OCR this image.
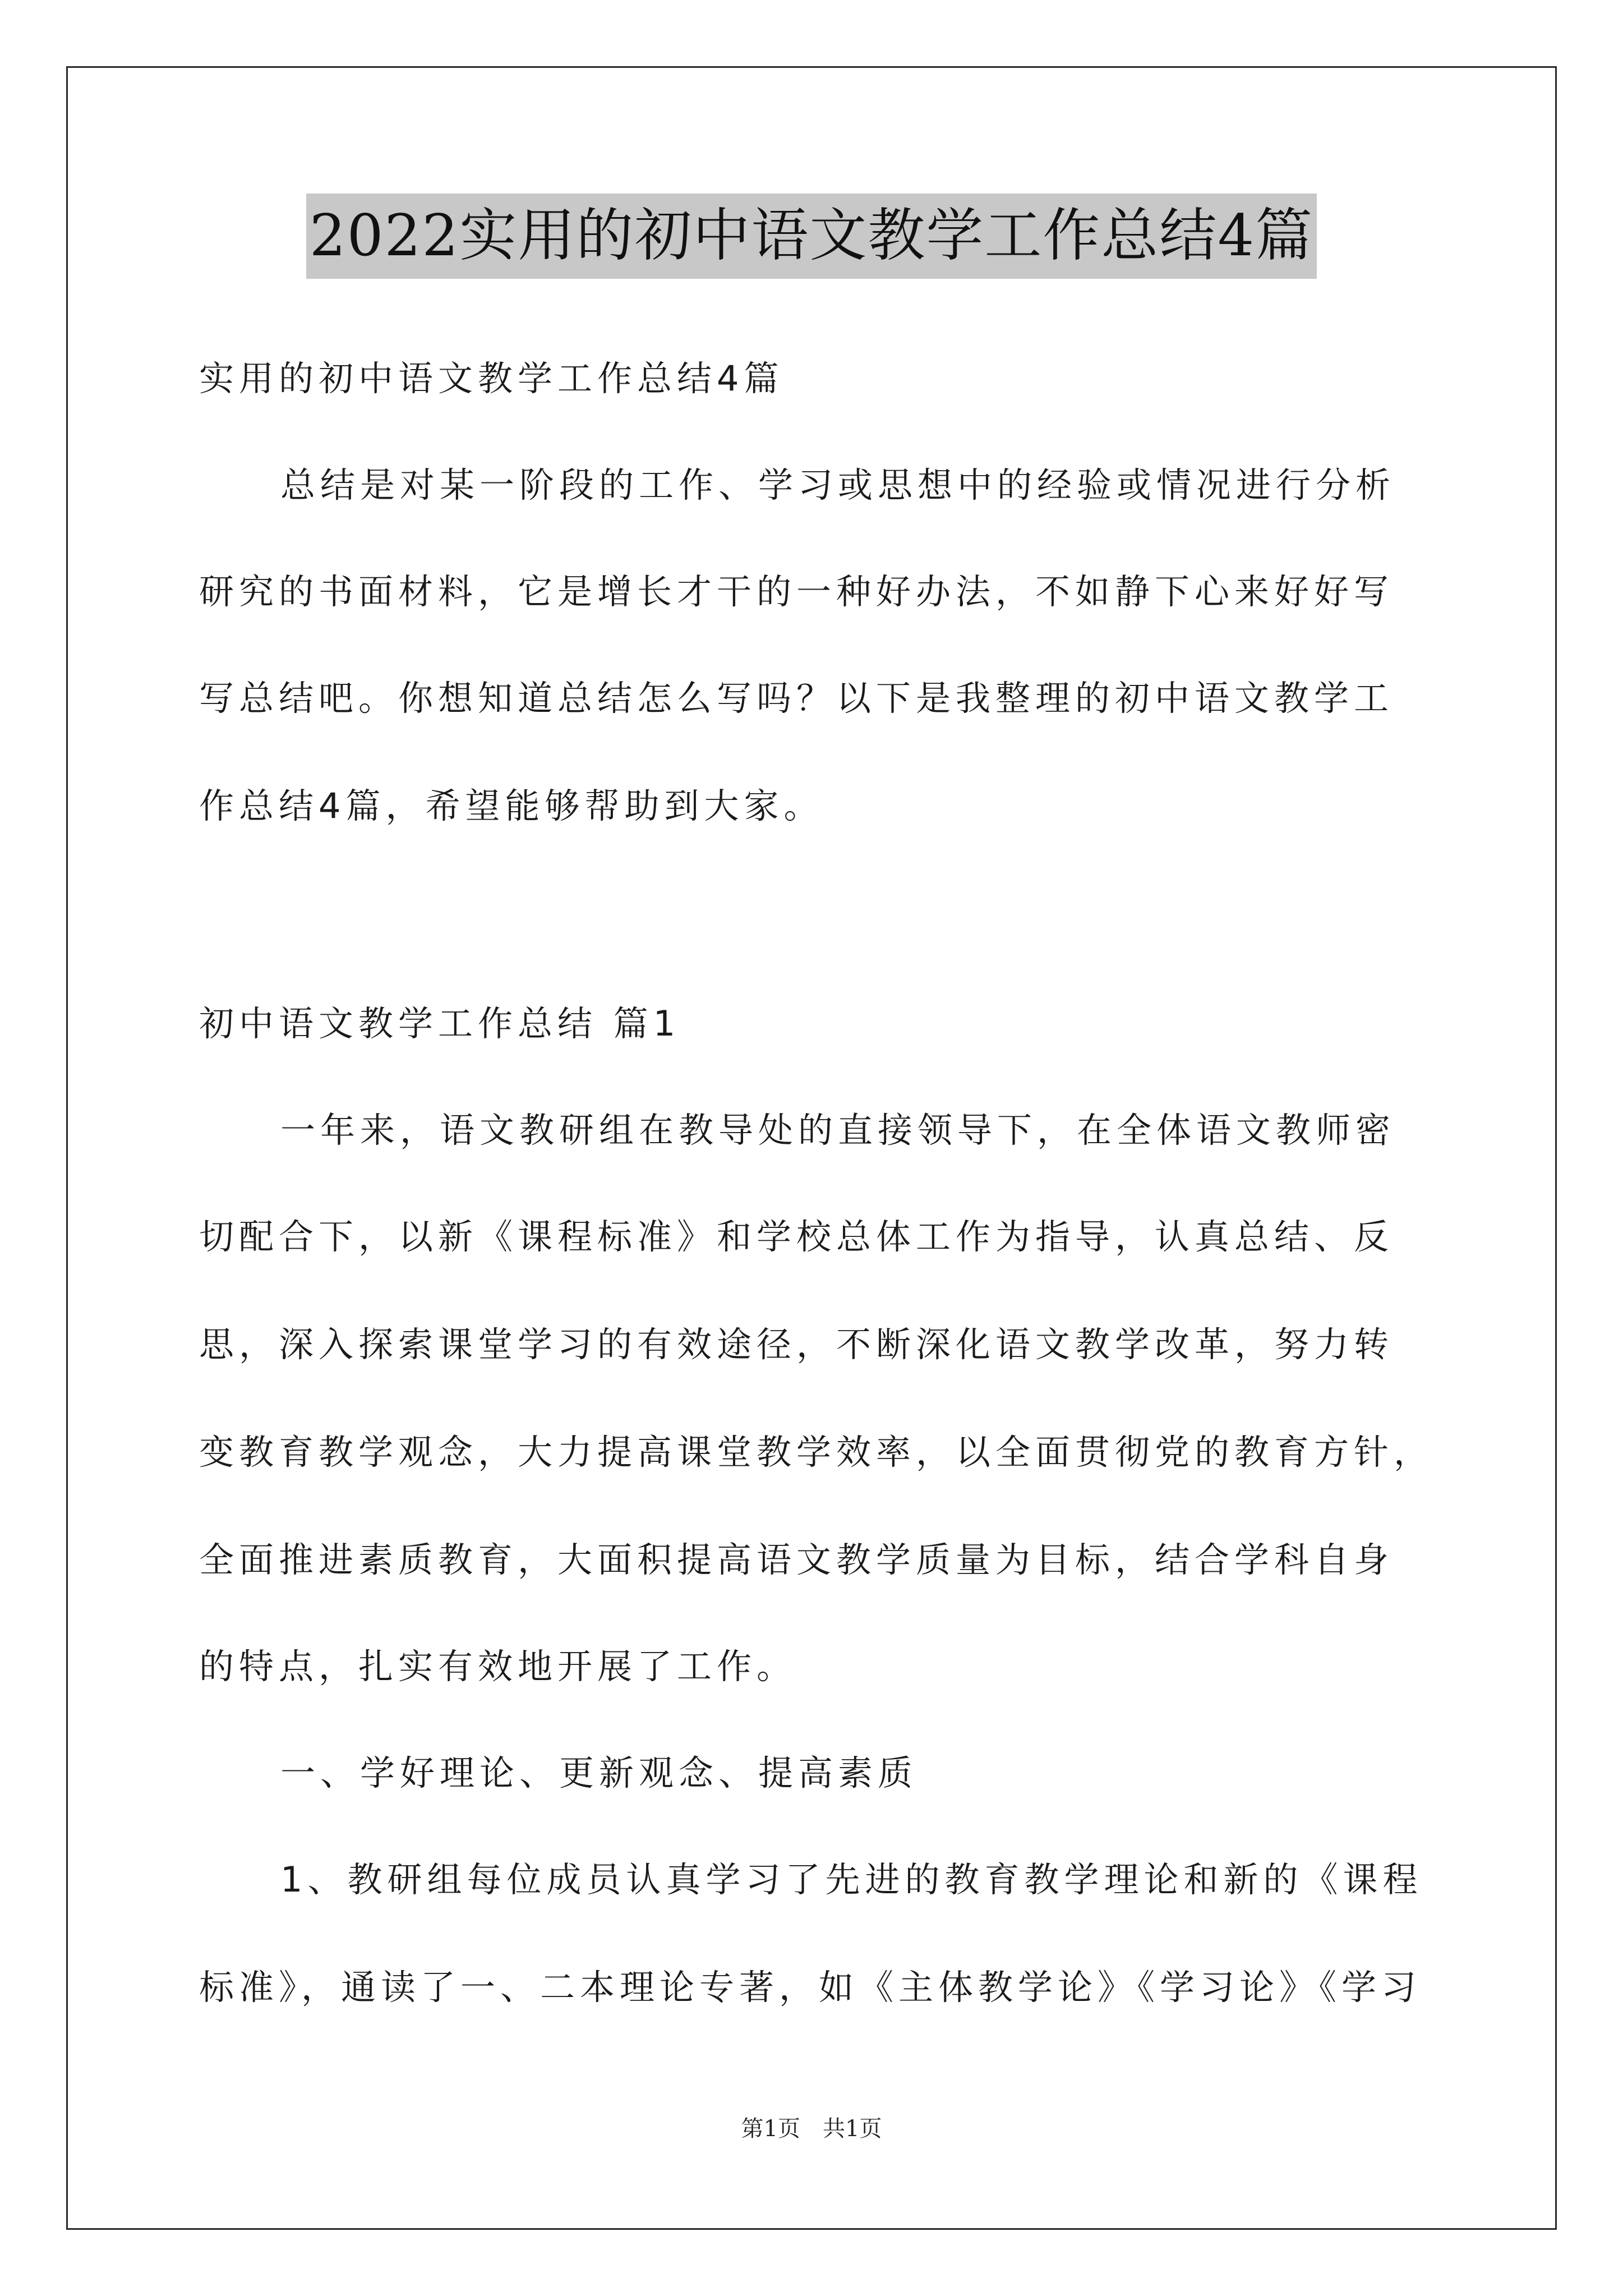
2022实用的初中语文教学工作总结4篇
实用的初中语文教学工作总结4篇
总结是对某一阶段的工作、学习或思想中的经验或情况进行分析
研究的书面材料，它是增长才干的一种好办法，不如静下心来好好写
写总结吧。你想知道总结怎么写吗？以下是我整理的初中语文教学工
作总结4篇，希望能够帮助到大家。
初中语文教学工作总结 篇1
一年来，语文教研组在教导处的直接领导下，在全体语文教师密
切配合下，以新《课程标准》和学校总体工作为指导，认真总结、反
思，深入探索课堂学习的有效途径，不断深化语文教学改革，努力转
变教育教学观念，大力提高课堂教学效率，以全面贯彻党的教育方针，
全面推进素质教育，大面积提高语文教学质量为目标，结合学科自身
的特点，扎实有效地开展了工作。
一、学好理论、更新观念、提高素质
1、教研组每位成员认真学习了先进的教育教学理论和新的《课程
标准》，通读了一、二本理论专著，如《主体教学论》《学习论》《学习
第1页 共1页
